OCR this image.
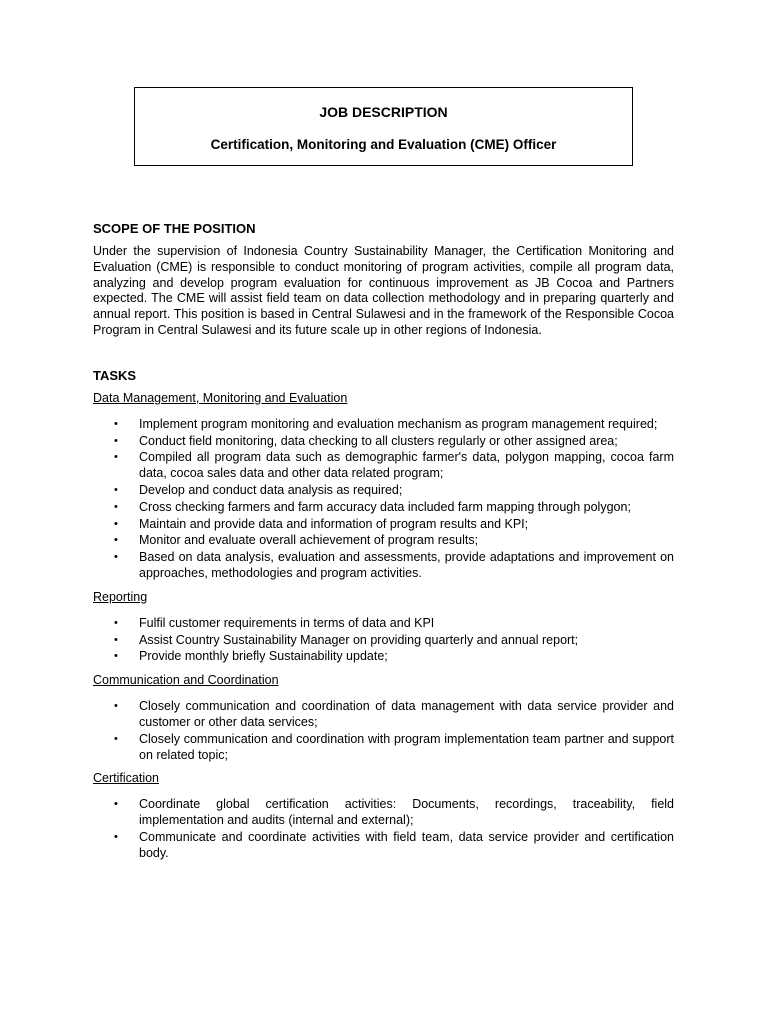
JOB DESCRIPTION
Certification, Monitoring and Evaluation (CME) Officer

SCOPE OF THE POSITION

Under the supervision of Indonesia Country Sustainability Manager, the Certification Monitoring and Evaluation (CME) is responsible to conduct monitoring of program activities, compile all program data, analyzing and develop program evaluation for continuous improvement as JB Cocoa and Partners expected. The CME will assist field team on data collection methodology and in preparing quarterly and annual report. This position is based in Central Sulawesi and in the framework of the Responsible Cocoa Program in Central Sulawesi and its future scale up in other regions of Indonesia.

TASKS

Data Management, Monitoring and Evaluation

• Implement program monitoring and evaluation mechanism as program management required;
• Conduct field monitoring, data checking to all clusters regularly or other assigned area;
• Compiled all program data such as demographic farmer's data, polygon mapping, cocoa farm data, cocoa sales data and other data related program;
• Develop and conduct data analysis as required;
• Cross checking farmers and farm accuracy data included farm mapping through polygon;
• Maintain and provide data and information of program results and KPI;
• Monitor and evaluate overall achievement of program results;
• Based on data analysis, evaluation and assessments, provide adaptations and improvement on approaches, methodologies and program activities.

Reporting

• Fulfil customer requirements in terms of data and KPI
• Assist Country Sustainability Manager on providing quarterly and annual report;
• Provide monthly briefly Sustainability update;

Communication and Coordination

• Closely communication and coordination of data management with data service provider and customer or other data services;
• Closely communication and coordination with program implementation team partner and support on related topic;

Certification

• Coordinate global certification activities: Documents, recordings, traceability, field implementation and audits (internal and external);
• Communicate and coordinate activities with field team, data service provider and certification body.
